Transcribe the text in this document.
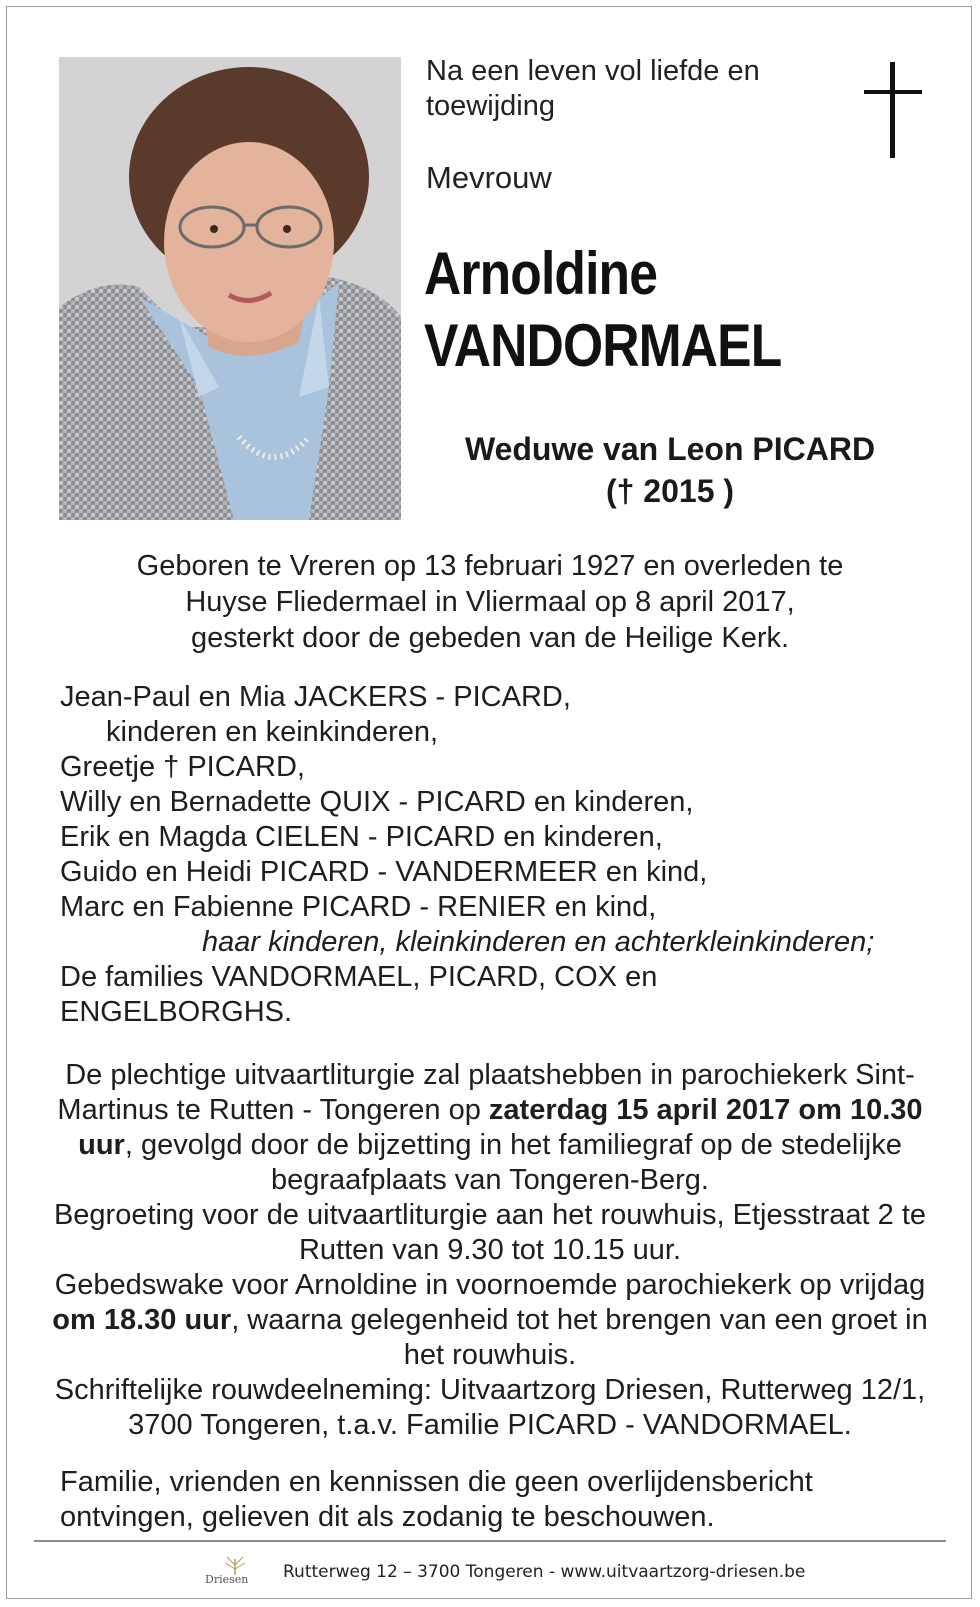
Na een leven vol liefde en
toewijding
Mevrouw
Arnoldine
VANDORMAEL
Weduwe van Leon PICARD
(† 2015 )
Geboren te Vreren op 13 februari 1927 en overleden te
Huyse Fliedermael in Vliermaal op 8 april 2017,
gesterkt door de gebeden van de Heilige Kerk.
Jean-Paul en Mia JACKERS - PICARD,
kinderen en keinkinderen,
Greetje † PICARD,
Willy en Bernadette QUIX - PICARD en kinderen,
Erik en Magda CIELEN - PICARD en kinderen,
Guido en Heidi PICARD - VANDERMEER en kind,
Marc en Fabienne PICARD - RENIER en kind,
haar kinderen, kleinkinderen en achterkleinkinderen;
De families VANDORMAEL, PICARD, COX en
ENGELBORGHS.
De plechtige uitvaartliturgie zal plaatshebben in parochiekerk Sint-Martinus te Rutten - Tongeren op zaterdag 15 april 2017 om 10.30 uur, gevolgd door de bijzetting in het familiegraf op de stedelijke begraafplaats van Tongeren-Berg.
Begroeting voor de uitvaartliturgie aan het rouwhuis, Etjesstraat 2 te Rutten van 9.30 tot 10.15 uur.
Gebedswake voor Arnoldine in voornoemde parochiekerk op vrijdag om 18.30 uur, waarna gelegenheid tot het brengen van een groet in het rouwhuis.
Schriftelijke rouwdeelneming: Uitvaartzorg Driesen, Rutterweg 12/1, 3700 Tongeren, t.a.v. Familie PICARD - VANDORMAEL.
Familie, vrienden en kennissen die geen overlijdensbericht ontvingen, gelieven dit als zodanig te beschouwen.
Driesen Rutterweg 12 – 3700 Tongeren - www.uitvaartzorg-driesen.be
